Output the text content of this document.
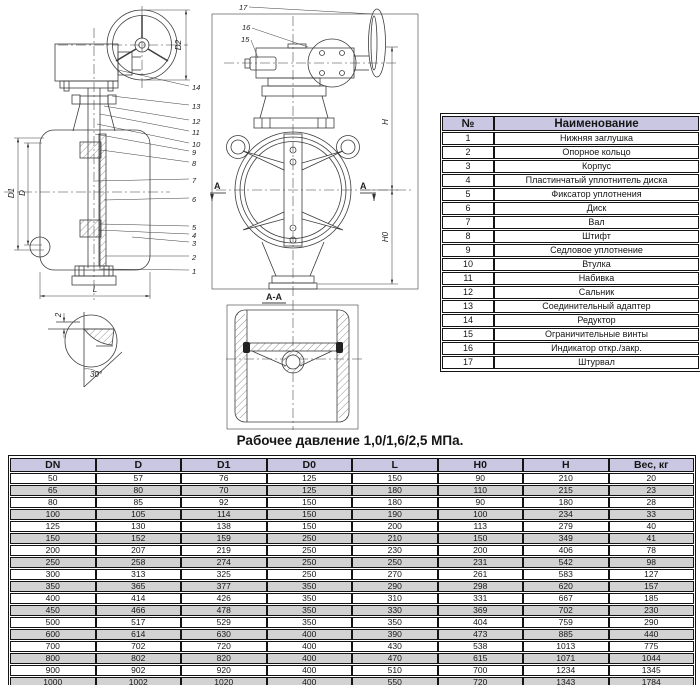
14
13
12
11
10
9
8
7
6
5
4
3
2
1
17
16
15
D2
D1 D
L
H
H0
А	А
А-А
2
30°
№	Наименование
1	Нижняя заглушка
2	Опорное кольцо
3	Корпус
4	Пластинчатый уплотнитель диска
5	Фиксатор уплотнения
6	Диск
7	Вал
8	Штифт
9	Седловое уплотнение
10	Втулка
11	Набивка
12	Сальник
13	Соединительный адаптер
14	Редуктор
15	Ограничительные винты
16	Индикатор откр./закр.
17	Штурвал
Рабочее давление 1,0/1,6/2,5 МПа.
DN	D	D1	D0	L	H0	H	Вес, кг
50	57	76	125	150	90	210	20
65	80	70	125	180	110	215	23
80	85	92	150	180	90	180	28
100	105	114	150	190	100	234	33
125	130	138	150	200	113	279	40
150	152	159	250	210	150	349	41
200	207	219	250	230	200	406	78
250	258	274	250	250	231	542	98
300	313	325	250	270	261	583	127
350	365	377	350	290	298	620	157
400	414	426	350	310	331	667	185
450	466	478	350	330	369	702	230
500	517	529	350	350	404	759	290
600	614	630	400	390	473	885	440
700	702	720	400	430	538	1013	775
800	802	820	400	470	615	1071	1044
900	902	920	400	510	700	1234	1345
1000	1002	1020	400	550	720	1343	1784
